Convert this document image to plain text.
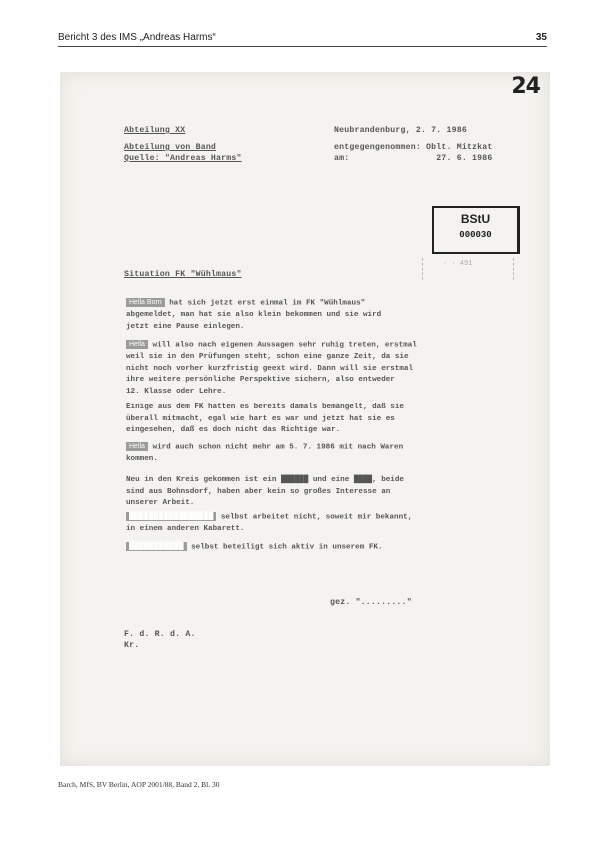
Bericht 3 des IMS „Andreas Harms“	35
24
Abteilung XX
Abteilung von Band
Quelle: "Andreas Harms"
Neubrandenburg, 2. 7. 1986
entgegengenommen: Oblt. Mitzkat
am:                 27. 6. 1986
BStU
000030
· · 491
Situation FK "Wühlmaus"
Hella Born hat sich jetzt erst einmal im FK "Wühlmaus"
abgemeldet, man hat sie also klein bekommen und sie wird
jetzt eine Pause einlegen.
Hella will also nach eigenen Aussagen sehr ruhig treten, erstmal
weil sie in den Prüfungen steht, schon eine ganze Zeit, da sie
nicht noch vorher kurzfristig geext wird. Dann will sie erstmal
ihre weitere persönliche Perspektive sichern, also entweder
12. Klasse oder Lehre.
Einige aus dem FK hatten es bereits damals bemängelt, daß sie
überall mitmacht, egal wie hart es war und jetzt hat sie es
eingesehen, daß es doch nicht das Richtige war.
Hella wird auch schon nicht mehr am 5. 7. 1986 mit nach Waren
kommen.
Neu in den Kreis gekommen ist ein ██████ und eine ████, beide
sind aus Bohnsdorf, haben aber kein so großes Interesse an
unserer Arbeit.
█████████████████ selbst arbeitet nicht, soweit mir bekannt,
in einem anderen Kabarett.
███████████ selbst beteiligt sich aktiv in unserem FK.
gez. "........."
F. d. R. d. A.
Kr.
Barch, MfS, BV Berlin, AOP 2001/88, Band 2, Bl. 30
